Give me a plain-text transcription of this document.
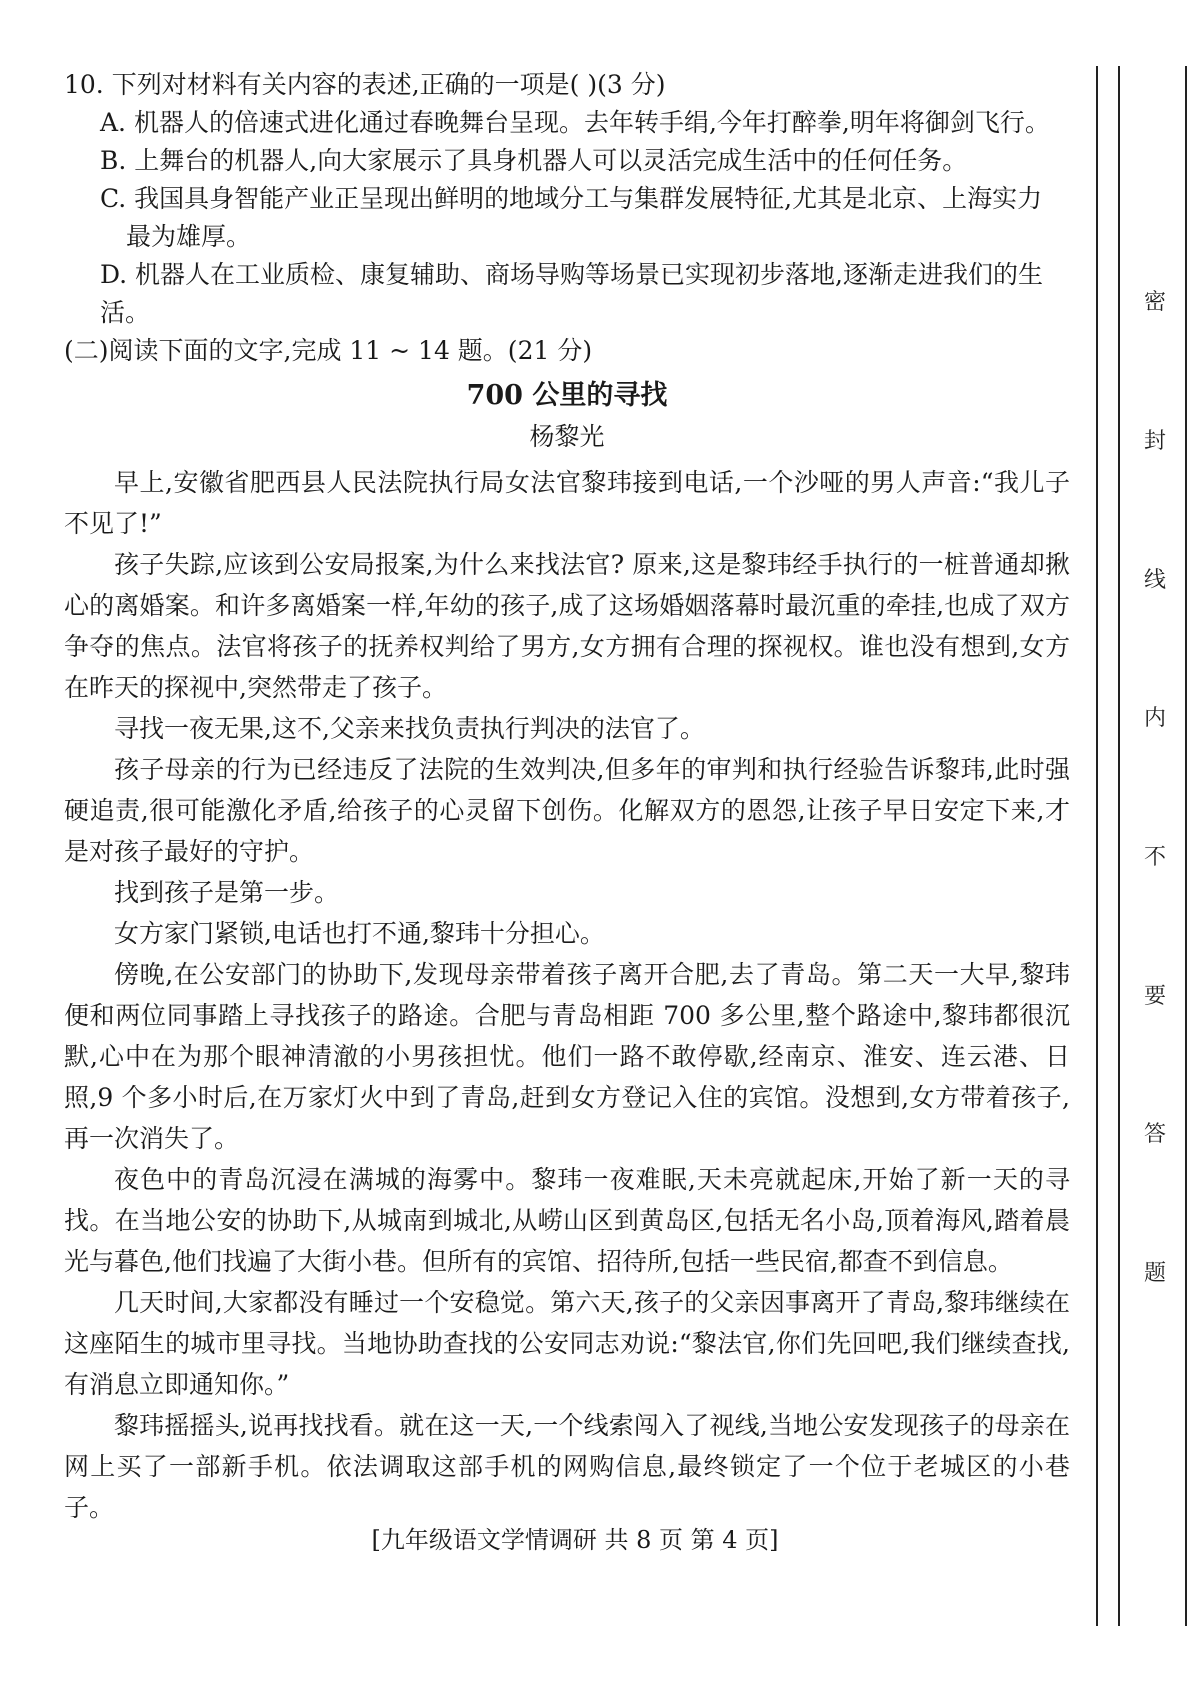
10. 下列对材料有关内容的表述,正确的一项是( )(3 分)

A. 机器人的倍速式进化通过春晚舞台呈现。去年转手绢,今年打醉拳,明年将御剑飞行。

B. 上舞台的机器人,向大家展示了具身机器人可以灵活完成生活中的任何任务。

C. 我国具身智能产业正呈现出鲜明的地域分工与集群发展特征,尤其是北京、上海实力
最为雄厚。

D. 机器人在工业质检、康复辅助、商场导购等场景已实现初步落地,逐渐走进我们的生活。

(二)阅读下面的文字,完成 11 ~ 14 题。(21 分)

700 公里的寻找

杨黎光

早上,安徽省肥西县人民法院执行局女法官黎玮接到电话,一个沙哑的男人声音:“我儿子不见了!”

孩子失踪,应该到公安局报案,为什么来找法官? 原来,这是黎玮经手执行的一桩普通却揪心的离婚案。和许多离婚案一样,年幼的孩子,成了这场婚姻落幕时最沉重的牵挂,也成了双方争夺的焦点。法官将孩子的抚养权判给了男方,女方拥有合理的探视权。谁也没有想到,女方在昨天的探视中,突然带走了孩子。

寻找一夜无果,这不,父亲来找负责执行判决的法官了。

孩子母亲的行为已经违反了法院的生效判决,但多年的审判和执行经验告诉黎玮,此时强硬追责,很可能激化矛盾,给孩子的心灵留下创伤。化解双方的恩怨,让孩子早日安定下来,才是对孩子最好的守护。

找到孩子是第一步。

女方家门紧锁,电话也打不通,黎玮十分担心。

傍晚,在公安部门的协助下,发现母亲带着孩子离开合肥,去了青岛。第二天一大早,黎玮便和两位同事踏上寻找孩子的路途。合肥与青岛相距 700 多公里,整个路途中,黎玮都很沉默,心中在为那个眼神清澈的小男孩担忧。他们一路不敢停歇,经南京、淮安、连云港、日照,9 个多小时后,在万家灯火中到了青岛,赶到女方登记入住的宾馆。没想到,女方带着孩子,再一次消失了。

夜色中的青岛沉浸在满城的海雾中。黎玮一夜难眠,天未亮就起床,开始了新一天的寻找。在当地公安的协助下,从城南到城北,从崂山区到黄岛区,包括无名小岛,顶着海风,踏着晨光与暮色,他们找遍了大街小巷。但所有的宾馆、招待所,包括一些民宿,都查不到信息。

几天时间,大家都没有睡过一个安稳觉。第六天,孩子的父亲因事离开了青岛,黎玮继续在这座陌生的城市里寻找。当地协助查找的公安同志劝说:“黎法官,你们先回吧,我们继续查找,有消息立即通知你。”

黎玮摇摇头,说再找找看。就在这一天,一个线索闯入了视线,当地公安发现孩子的母亲在网上买了一部新手机。依法调取这部手机的网购信息,最终锁定了一个位于老城区的小巷子。

[九年级语文学情调研 共 8 页 第 4 页]
密
封
线
内
不
要
答
题
